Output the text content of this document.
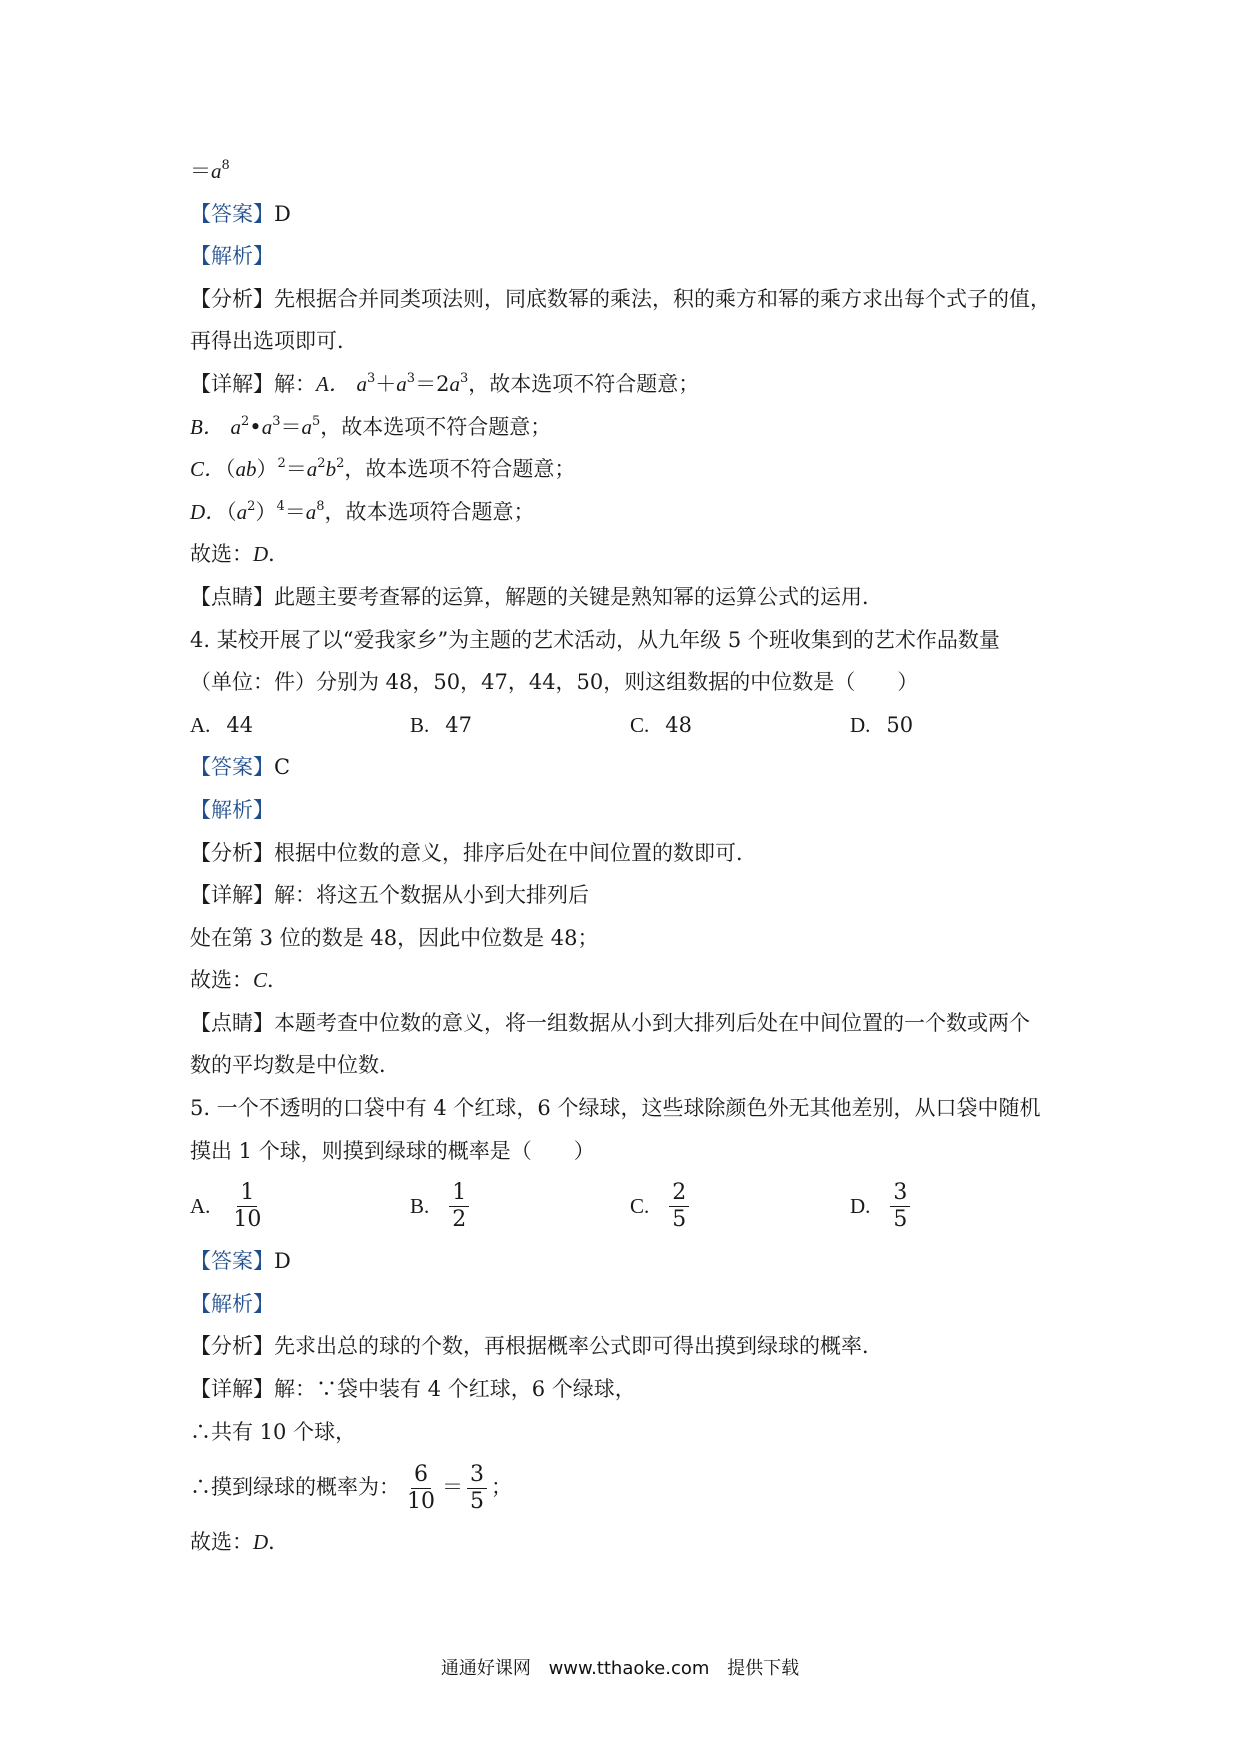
$=a^8$
【答案】D
【解析】
【分析】先根据合并同类项法则，同底数幂的乘法，积的乘方和幂的乘方求出每个式子的值，
再得出选项即可．
【详解】解：A． $a^3+a^3=2a^3$，故本选项不符合题意；
B． $a^2•a^3=a^5$，故本选项不符合题意；
C．$(ab)^2=a^2b^2$，故本选项不符合题意；
D．$(a^2)^4=a^8$，故本选项符合题意；
故选：D．
【点睛】此题主要考查幂的运算，解题的关键是熟知幂的运算公式的运用．
4. 某校开展了以“爱我家乡”为主题的艺术活动，从九年级 5 个班收集到的艺术作品数量
（单位：件）分别为 48，50，47，44，50，则这组数据的中位数是（　　）
A. 44	B. 47	C. 48	D. 50
【答案】C
【解析】
【分析】根据中位数的意义，排序后处在中间位置的数即可．
【详解】解：将这五个数据从小到大排列后
处在第 3 位的数是 48，因此中位数是 48；
故选：C．
【点睛】本题考查中位数的意义，将一组数据从小到大排列后处在中间位置的一个数或两个
数的平均数是中位数．
5. 一个不透明的口袋中有 4 个红球，6 个绿球，这些球除颜色外无其他差别，从口袋中随机
摸出 1 个球，则摸到绿球的概率是（　　）
A. $\frac{1}{10}$	B. $\frac{1}{2}$	C. $\frac{2}{5}$	D. $\frac{3}{5}$
【答案】D
【解析】
【分析】先求出总的球的个数，再根据概率公式即可得出摸到绿球的概率．
【详解】解：∵袋中装有 4 个红球，6 个绿球，
∴共有 10 个球，
∴摸到绿球的概率为： $\frac{6}{10} = \frac{3}{5}$ ；
故选：D．
通通好课网 www.tthaoke.com 提供下载
